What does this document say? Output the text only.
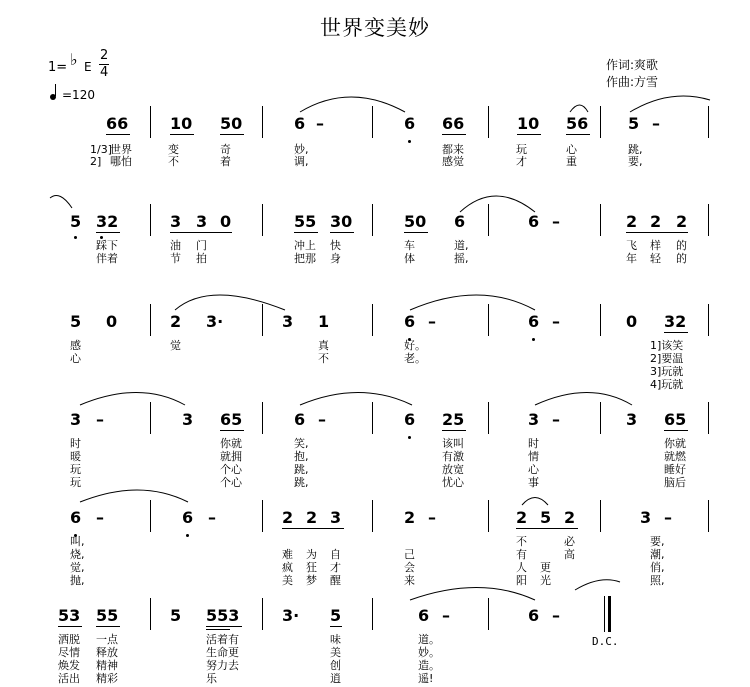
世界变美妙
1= ♭ E
2
4
=120
作词:爽歌
作曲:方雪
66	10 50	6 –	6 66	10 56 5 –
1/3]
世界	变	奇	妙,	都来	玩	心	跳,
2] 哪怕	不	着	调,	感觉	才	重	要,
5 32	3 3 0	55 30	50 6	6 –	2 2 2
踩下	油 门	冲上 快	车	道,	飞 样 的
伴着	节 拍	把那 身	体	摇,	年 轻 的
5 0	2 3·	3 1	6 –	6 –	0 32
感	觉	真	好。	1]该笑
心	不	老。	2]要温
3]玩就
4]玩就
3 –	3 65	6 –	6 25	3 –	3 65
时	你就	笑,	该叫	时	你就
暖	就拥	抱,	有激	情	就燃
玩	个心	跳,	放宽	心	睡好
玩	个心	跳,	忧心	事	脑后
6 –	6 –	2 2 3	2 –	2 5 2	3 –
叫,	不	必	要,
烧,	难 为 自	己	有	高	潮,
觉,	疯 狂 才	会	人 更	俏,
抛,	美 梦 醒	来	阳 光	照,
53 55	5 553	3· 5	6 –	6 –
D.C.
洒脱 一点	活着有	味	道。
尽情 释放	生命更	美	妙。
焕发 精神	努力去	创	造。
活出 精彩	乐	逍	遥!
